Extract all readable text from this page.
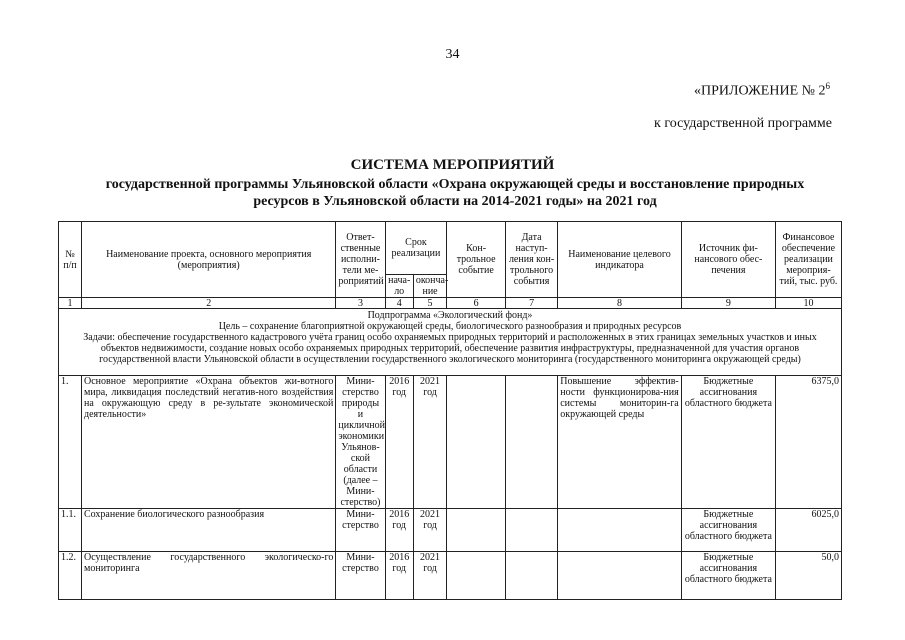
34
«ПРИЛОЖЕНИЕ № $2^6$
к государственной программе
СИСТЕМА МЕРОПРИЯТИЙ
государственной программы Ульяновской области «Охрана окружающей среды и восстановление природных
ресурсов в Ульяновской области на 2014-2021 годы» на 2021 год
№ п/п	Наименование проекта, основного мероприятия (мероприятия)	Ответ-ственные исполни-тели ме-роприятий	Срок реализации		Кон-трольное событие	Дата наступ-ления кон-трольного события	Наименование целевого индикатора	Источник фи-нансового обес-печения	Финансовое обеспечение реализации мероприя-тий, тыс. руб.
			нача-ло	оконча-ние					
1	2	3	4	5	6	7	8	9	10

Подпрограмма «Экологический фонд»
Цель – сохранение благоприятной окружающей среды, биологического разнообразия и природных ресурсов
Задачи: обеспечение государственного кадастрового учёта границ особо охраняемых природных территорий и расположенных в этих границах земельных участков и иных объектов недвижимости, создание новых особо охраняемых природных территорий, обеспечение развития инфраструктуры, предназначенной для участия органов государственной власти Ульяновской области в осуществлении государственного экологического мониторинга (государственного мониторинга окружающей среды)									

1.	Основное мероприятие «Охрана объектов жи-вотного мира, ликвидация последствий негатив-ного воздействия на окружающую среду в ре-зультате экономической деятельности»	Мини-стерство природы и цикличной экономики Ульянов-ской области (далее – Мини-стерство)	2016 год	2021 год			Повышение эффектив-ности функционирова-ния системы мониторин-га окружающей среды	Бюджетные ассигнования областного бюджета	6375,0
1.1.	Сохранение биологического разнообразия	Мини-стерство	2016 год	2021 год				Бюджетные ассигнования областного бюджета	6025,0
1.2.	Осуществление государственного экологическо-го мониторинга	Мини-стерство	2016 год	2021 год				Бюджетные ассигнования областного бюджета	50,0
